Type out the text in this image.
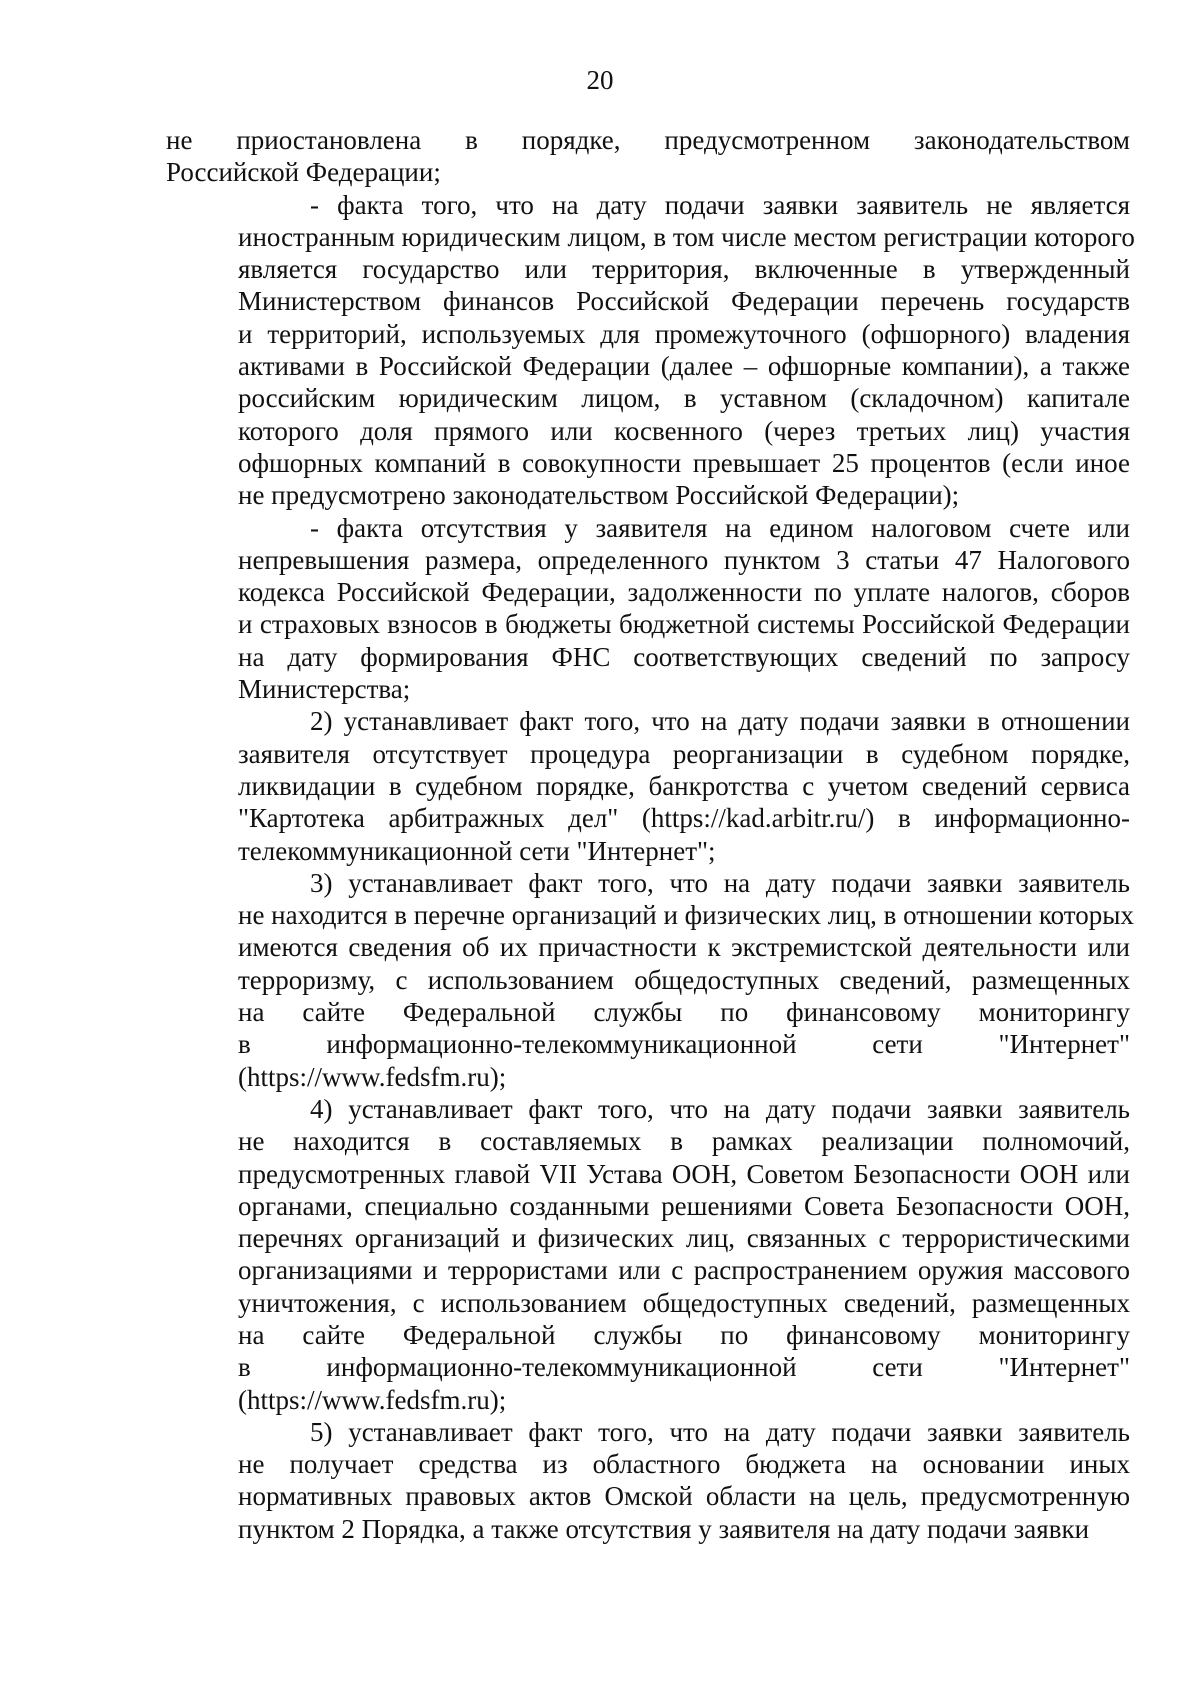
20

не приостановлена в порядке, предусмотренном законодательством
Российской Федерации;

- факта того, что на дату подачи заявки заявитель не является
иностранным юридическим лицом, в том числе местом регистрации которого
является государство или территория, включенные в утвержденный
Министерством финансов Российской Федерации перечень государств
и территорий, используемых для промежуточного (офшорного) владения
активами в Российской Федерации (далее – офшорные компании), а также
российским юридическим лицом, в уставном (складочном) капитале
которого доля прямого или косвенного (через третьих лиц) участия
офшорных компаний в совокупности превышает 25 процентов (если иное
не предусмотрено законодательством Российской Федерации);

- факта отсутствия у заявителя на едином налоговом счете или
непревышения размера, определенного пунктом 3 статьи 47 Налогового
кодекса Российской Федерации, задолженности по уплате налогов, сборов
и страховых взносов в бюджеты бюджетной системы Российской Федерации
на дату формирования ФНС соответствующих сведений по запросу
Министерства;

2) устанавливает факт того, что на дату подачи заявки в отношении
заявителя отсутствует процедура реорганизации в судебном порядке,
ликвидации в судебном порядке, банкротства с учетом сведений сервиса
"Картотека арбитражных дел" (https://kad.arbitr.ru/) в информационно-
телекоммуникационной сети "Интернет";

3) устанавливает факт того, что на дату подачи заявки заявитель
не находится в перечне организаций и физических лиц, в отношении которых
имеются сведения об их причастности к экстремистской деятельности или
терроризму, с использованием общедоступных сведений, размещенных
на сайте Федеральной службы по финансовому мониторингу
в информационно-телекоммуникационной сети "Интернет"
(https://www.fedsfm.ru);

4) устанавливает факт того, что на дату подачи заявки заявитель
не находится в составляемых в рамках реализации полномочий,
предусмотренных главой VII Устава ООН, Советом Безопасности ООН или
органами, специально созданными решениями Совета Безопасности ООН,
перечнях организаций и физических лиц, связанных с террористическими
организациями и террористами или с распространением оружия массового
уничтожения, с использованием общедоступных сведений, размещенных
на сайте Федеральной службы по финансовому мониторингу
в информационно-телекоммуникационной сети "Интернет"
(https://www.fedsfm.ru);

5) устанавливает факт того, что на дату подачи заявки заявитель
не получает средства из областного бюджета на основании иных
нормативных правовых актов Омской области на цель, предусмотренную
пунктом 2 Порядка, а также отсутствия у заявителя на дату подачи заявки
